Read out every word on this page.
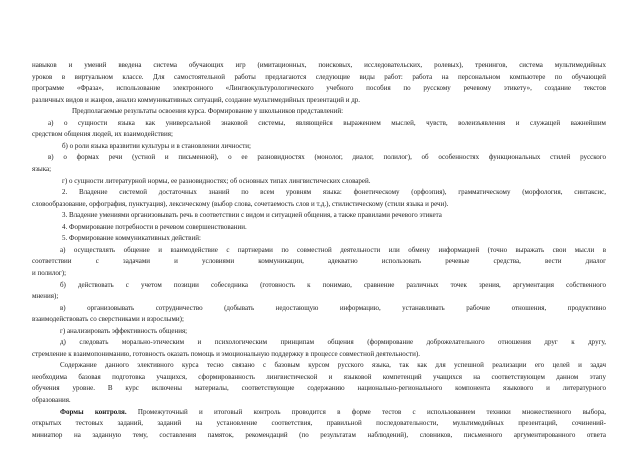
навыков и умений введена система обучающих игр (имитационных, поисковых, исследовательских, ролевых), тренингов, система мультимедийных
уроков в виртуальном классе. Для самостоятельной работы предлагаются следующие виды работ: работа на персональном компьютере по обучающей
программе «Фраза», использование электронного «Лингвокультурологического учебного пособия по русскому речевому этикету», создание текстов
различных видов и жанров, анализ коммуникативных ситуаций, создание мультимедийных презентаций и др.
Предполагаемые результаты освоения курса. Формирование у школьников представлений:
а) о сущности языка как универсальной знаковой системы, являющейся выражением мыслей, чувств, волеизъявления и служащей важнейшим
средством общения людей, их взаимодействия;
б) о роли языка вразвитии культуры и в становлении личности;
в) о формах речи (устной и письменной), о ее разновидностях (монолог, диалог, полилог), об особенностях функциональных стилей русского
языка;
г) о сущности литературной нормы, ее разновидностях; об основных типах лингвистических словарей.
2. Владение системой достаточных знаний по всем уровням языка: фонетическому (орфоэпия), грамматическому (морфология, синтаксис,
словообразование, орфография, пунктуация), лексическому (выбор слова, сочетаемость слов и т.д.), стилистическому (стили языка и речи).
3. Владение умениями организовывать речь в соответствии с видом и ситуацией общения, а также правилами речевого этикета
4. Формирование потребности в речевом совершенствовании.
5. Формирование коммуникативных действий:
а) осуществлять общение и взаимодействие с партнерами по совместной деятельности или обмену информацией (точно выражать свои мысли в
соответствии с задачами и условиями коммуникации, адекватно использовать речевые средства, вести диалог
и полилог);
б) действовать с учетом позиции собеседника (готовность к понимаю, сравнение различных точек зрения, аргументация собственного
мнения);
в) организовывать сотрудничество (добывать недостающую информацию, устанавливать рабочие отношения, продуктивно
взаимодействовать со сверстниками и взрослыми);
г) анализировать эффективность общения;
д) следовать морально-этическим и психологическим принципам общения (формирование доброжелательного отношения друг к другу,
стремление к взаимопониманию, готовность оказать помощь и эмоциональную поддержку в процессе совместной деятельности).
Содержание данного элективного курса тесно связано с базовым курсом русского языка, так как для успешной реализации его целей и задач
необходима базовая подготовка учащихся, сформированность лингвистической и языковой компетенций учащихся на соответствующем данном этапу
обучения уровне. В курс включены материалы, соответствующие содержанию национально-регионального компонента языкового и литературного
образования.
Формы контроля. Промежуточный и итоговый контроль проводится в форме тестов с использованием техники множественного выбора,
открытых тестовых заданий, заданий на установление соответствия, правильной последовательности, мультимедийных презентаций, сочинений-
миниатюр на заданную тему, составления памяток, рекомендаций (по результатам наблюдений), словников, письменного аргументированного ответа
